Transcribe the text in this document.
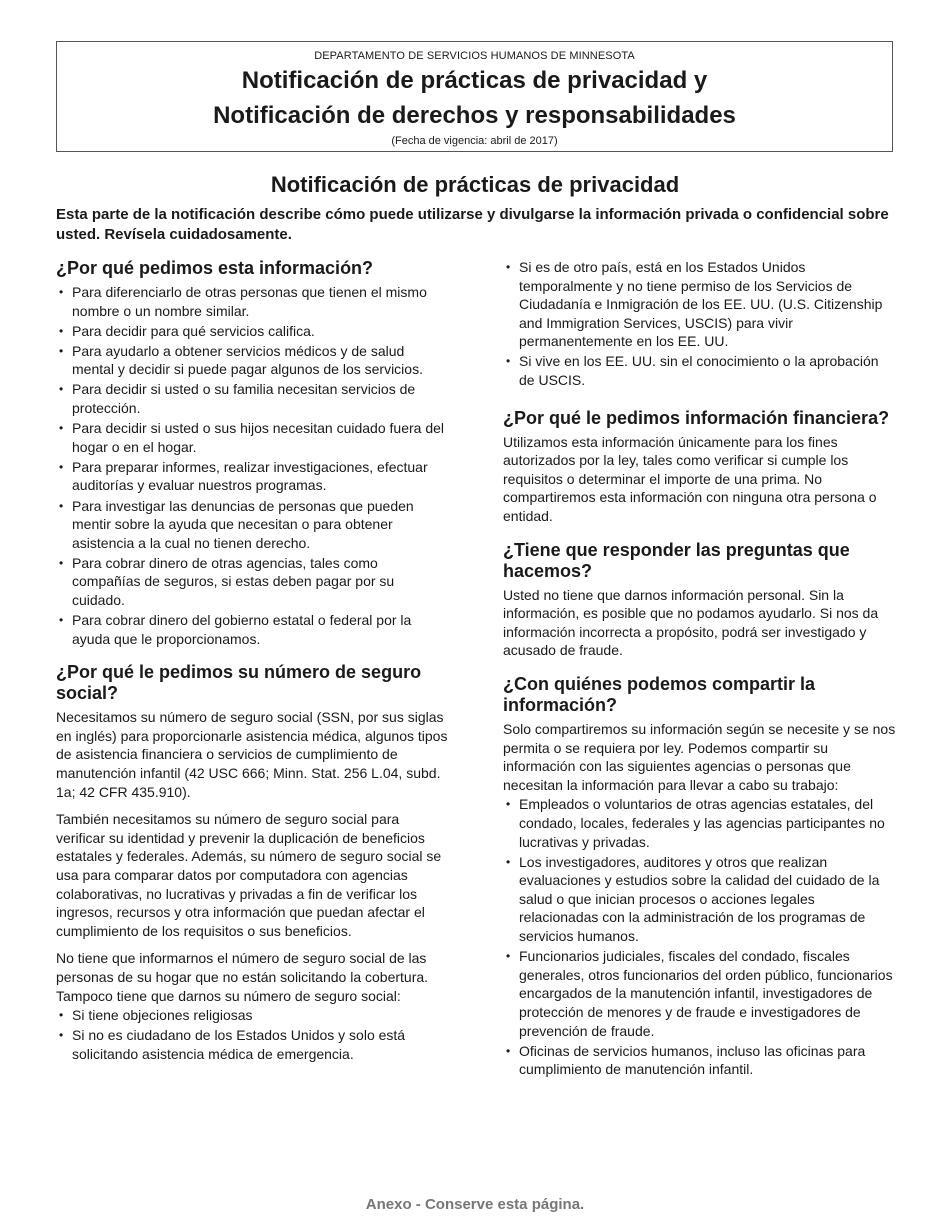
DEPARTAMENTO DE SERVICIOS HUMANOS DE MINNESOTA
Notificación de prácticas de privacidad y
Notificación de derechos y responsabilidades
(Fecha de vigencia: abril de 2017)
Notificación de prácticas de privacidad
Esta parte de la notificación describe cómo puede utilizarse y divulgarse la información privada o confidencial sobre usted. Revísela cuidadosamente.
¿Por qué pedimos esta información?
• Para diferenciarlo de otras personas que tienen el mismo nombre o un nombre similar.
• Para decidir para qué servicios califica.
• Para ayudarlo a obtener servicios médicos y de salud mental y decidir si puede pagar algunos de los servicios.
• Para decidir si usted o su familia necesitan servicios de protección.
• Para decidir si usted o sus hijos necesitan cuidado fuera del hogar o en el hogar.
• Para preparar informes, realizar investigaciones, efectuar auditorías y evaluar nuestros programas.
• Para investigar las denuncias de personas que pueden mentir sobre la ayuda que necesitan o para obtener asistencia a la cual no tienen derecho.
• Para cobrar dinero de otras agencias, tales como compañías de seguros, si estas deben pagar por su cuidado.
• Para cobrar dinero del gobierno estatal o federal por la ayuda que le proporcionamos.
¿Por qué le pedimos su número de seguro social?

Necesitamos su número de seguro social (SSN, por sus siglas en inglés) para proporcionarle asistencia médica, algunos tipos de asistencia financiera o servicios de cumplimiento de manutención infantil (42 USC 666; Minn. Stat. 256 L.04, subd. 1a; 42 CFR 435.910).

También necesitamos su número de seguro social para verificar su identidad y prevenir la duplicación de beneficios estatales y federales. Además, su número de seguro social se usa para comparar datos por computadora con agencias colaborativas, no lucrativas y privadas a fin de verificar los ingresos, recursos y otra información que puedan afectar el cumplimiento de los requisitos o sus beneficios.

No tiene que informarnos el número de seguro social de las personas de su hogar que no están solicitando la cobertura. Tampoco tiene que darnos su número de seguro social:

• Si tiene objeciones religiosas
• Si no es ciudadano de los Estados Unidos y solo está solicitando asistencia médica de emergencia.
• Si es de otro país, está en los Estados Unidos temporalmente y no tiene permiso de los Servicios de Ciudadanía e Inmigración de los EE. UU. (U.S. Citizenship and Immigration Services, USCIS) para vivir permanentemente en los EE. UU.
• Si vive en los EE. UU. sin el conocimiento o la aprobación de USCIS.
¿Por qué le pedimos información financiera?

Utilizamos esta información únicamente para los fines autorizados por la ley, tales como verificar si cumple los requisitos o determinar el importe de una prima. No compartiremos esta información con ninguna otra persona o entidad.

¿Tiene que responder las preguntas que hacemos?

Usted no tiene que darnos información personal. Sin la información, es posible que no podamos ayudarlo. Si nos da información incorrecta a propósito, podrá ser investigado y acusado de fraude.

¿Con quiénes podemos compartir la información?

Solo compartiremos su información según se necesite y se nos permita o se requiera por ley. Podemos compartir su información con las siguientes agencias o personas que necesitan la información para llevar a cabo su trabajo:

• Empleados o voluntarios de otras agencias estatales, del condado, locales, federales y las agencias participantes no lucrativas y privadas.
• Los investigadores, auditores y otros que realizan evaluaciones y estudios sobre la calidad del cuidado de la salud o que inician procesos o acciones legales relacionadas con la administración de los programas de servicios humanos.
• Funcionarios judiciales, fiscales del condado, fiscales generales, otros funcionarios del orden público, funcionarios encargados de la manutención infantil, investigadores de protección de menores y de fraude e investigadores de prevención de fraude.
• Oficinas de servicios humanos, incluso las oficinas para cumplimiento de manutención infantil.
Anexo - Conserve esta página.
